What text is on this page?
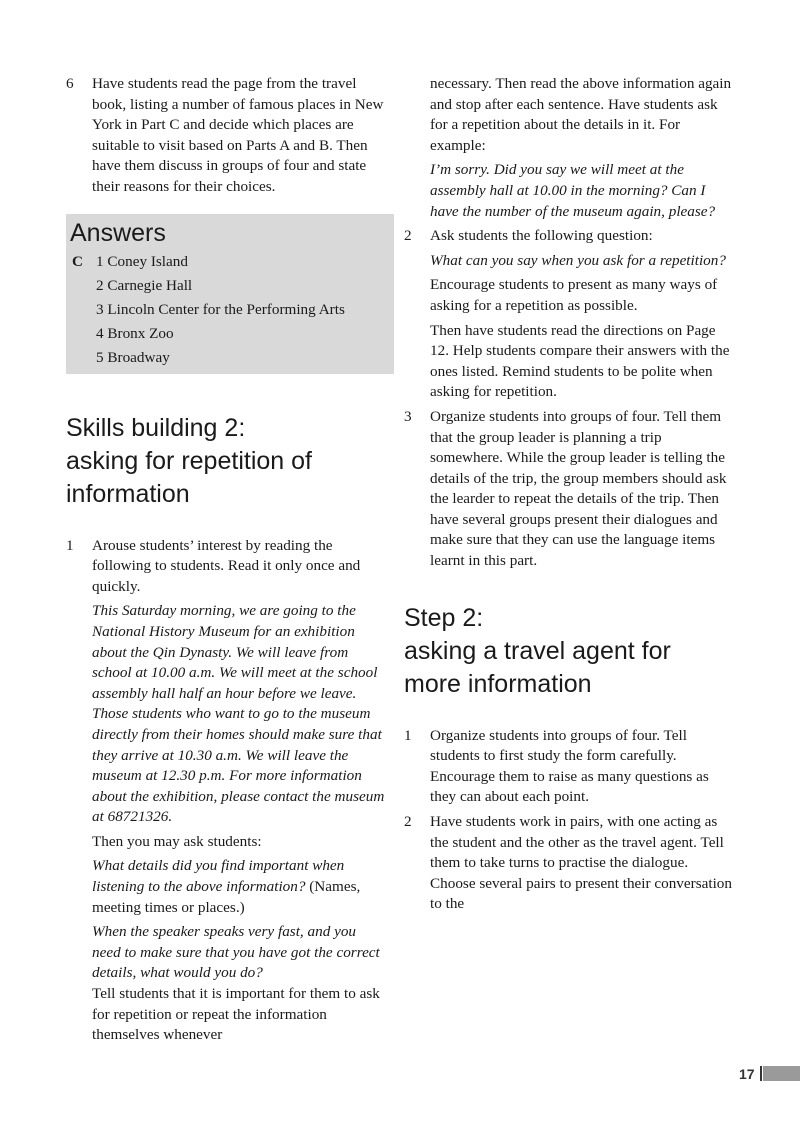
6 Have students read the page from the travel book, listing a number of famous places in New York in Part C and decide which places are suitable to visit based on Parts A and B. Then have them discuss in groups of four and state their reasons for their choices.

Answers
C 1 Coney Island
2 Carnegie Hall
3 Lincoln Center for the Performing Arts
4 Bronx Zoo
5 Broadway
Skills building 2:
asking for repetition of
information
1 Arouse students’ interest by reading the following to students. Read it only once and quickly.

This Saturday morning, we are going to the National History Museum for an exhibition about the Qin Dynasty. We will leave from school at 10.00 a.m. We will meet at the school assembly hall half an hour before we leave. Those students who want to go to the museum directly from their homes should make sure that they arrive at 10.30 a.m. We will leave the museum at 12.30 p.m. For more information about the exhibition, please contact the museum at 68721326.

Then you may ask students:

What details did you find important when listening to the above information? (Names, meeting times or places.)

When the speaker speaks very fast, and you need to make sure that you have got the correct details, what would you do?

Tell students that it is important for them to ask for repetition or repeat the information themselves whenever

necessary. Then read the above information again and stop after each sentence. Have students ask for a repetition about the details in it. For example:

I’m sorry. Did you say we will meet at the assembly hall at 10.00 in the morning? Can I have the number of the museum again, please?

2 Ask students the following question:

What can you say when you ask for a repetition?

Encourage students to present as many ways of asking for a repetition as possible.

Then have students read the directions on Page 12. Help students compare their answers with the ones listed. Remind students to be polite when asking for repetition.

3 Organize students into groups of four. Tell them that the group leader is planning a trip somewhere. While the group leader is telling the details of the trip, the group members should ask the learder to repeat the details of the trip. Then have several groups present their dialogues and make sure that they can use the language items learnt in this part.

Step 2:
asking a travel agent for
more information
1 Organize students into groups of four. Tell students to first study the form carefully. Encourage them to raise as many questions as they can about each point.

2 Have students work in pairs, with one acting as the student and the other as the travel agent. Tell them to take turns to practise the dialogue. Choose several pairs to present their conversation to the

17
